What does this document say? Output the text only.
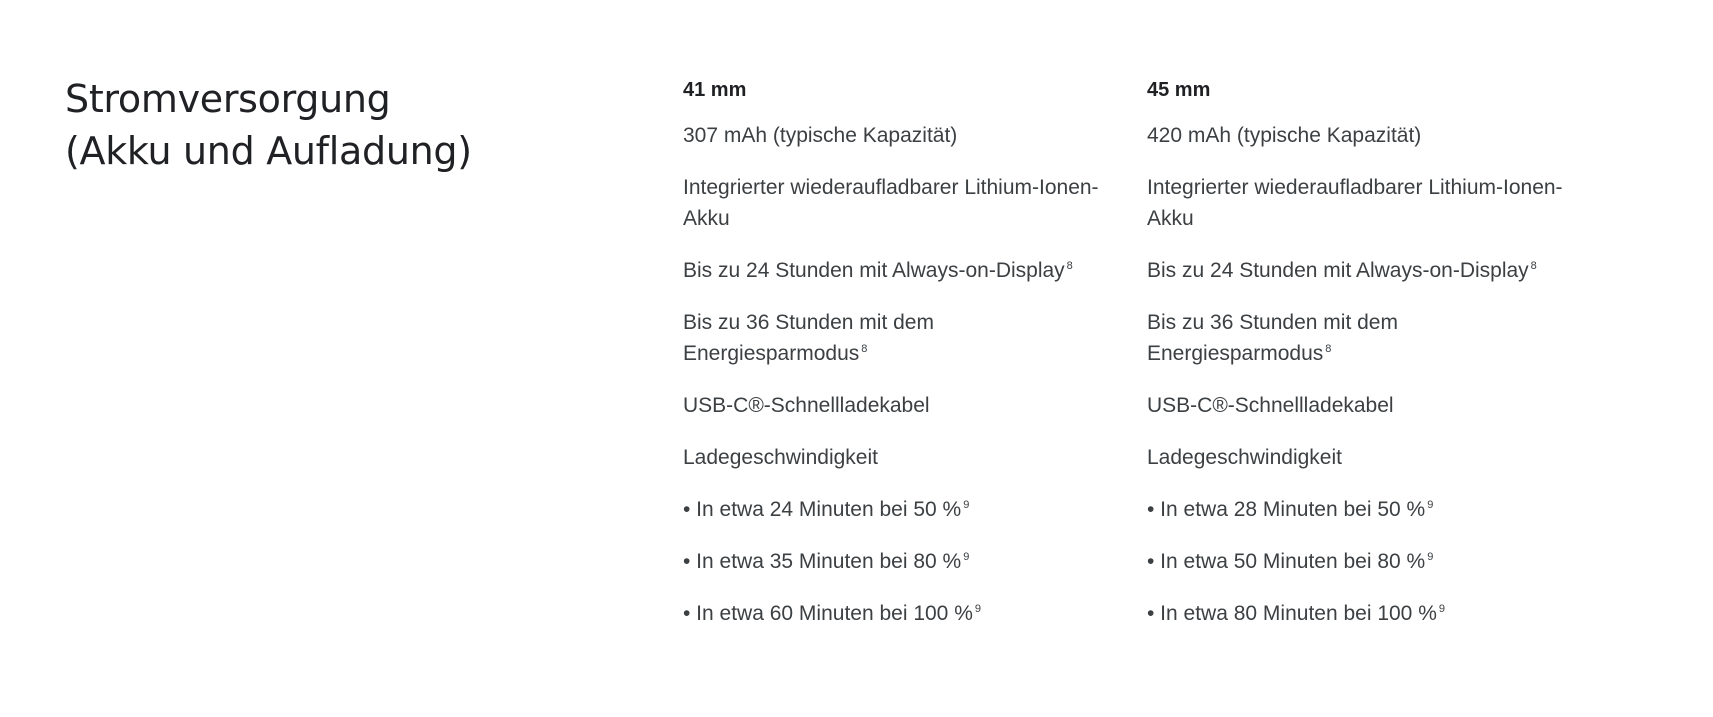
Stromversorgung
(Akku und Aufladung)
41 mm
307 mAh (typische Kapazität)
Integrierter wiederaufladbarer Lithium-Ionen-Akku
Bis zu 24 Stunden mit Always-on-Display $^8$
Bis zu 36 Stunden mit dem Energiesparmodus $^8$
USB-C®-Schnellladekabel
Ladegeschwindigkeit
• In etwa 24 Minuten bei 50 % $^9$
• In etwa 35 Minuten bei 80 % $^9$
• In etwa 60 Minuten bei 100 % $^9$
45 mm
420 mAh (typische Kapazität)
Integrierter wiederaufladbarer Lithium-Ionen-Akku
Bis zu 24 Stunden mit Always-on-Display $^8$
Bis zu 36 Stunden mit dem Energiesparmodus $^8$
USB-C®-Schnellladekabel
Ladegeschwindigkeit
• In etwa 28 Minuten bei 50 % $^9$
• In etwa 50 Minuten bei 80 % $^9$
• In etwa 80 Minuten bei 100 % $^9$
